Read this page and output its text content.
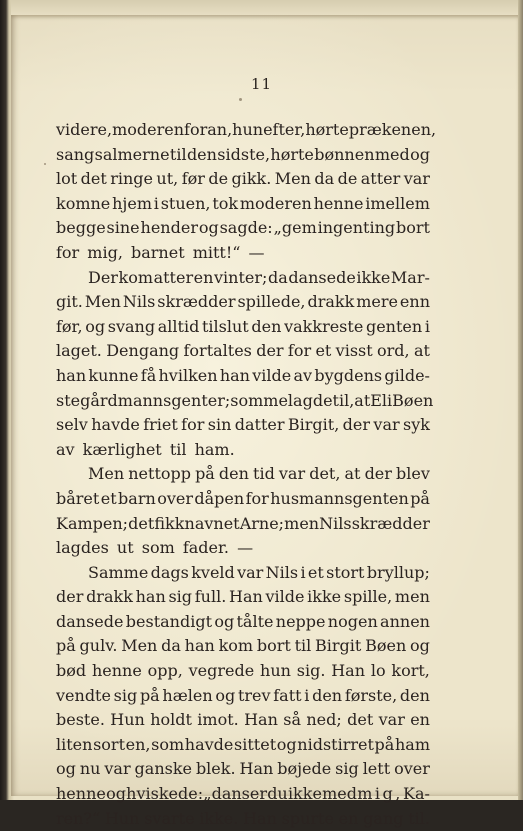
11
videre, moderen foran, hun efter, hørte prækenen,
sang salmerne til den sidste, hørte bønnen med og
lot det ringe ut, før de gikk. Men da de atter var
komne hjem i stuen, tok moderen henne imellem
begge sine hender og sagde: „gem ingenting bort
for mig, barnet mitt!“ —
Der kom atter en vinter; da dansede ikke Mar-
git. Men Nils skrædder spillede, drakk mere enn
før, og svang alltid tilslut den vakkreste genten i
laget. Dengang fortaltes der for et visst ord, at
han kunne få hvilken han vilde av bygdens gilde-
ste gårdmannsgenter; somme lagde til, at Eli Bøen
selv havde friet for sin datter Birgit, der var syk
av kærlighet til ham.
Men nettopp på den tid var det, at der blev
båret et barn over dåpen for husmannsgenten på
Kampen; det fikk navnet Arne; men Nils skrædder
lagdes ut som fader. —
Samme dags kveld var Nils i et stort bryllup;
der drakk han sig full. Han vilde ikke spille, men
dansede bestandigt og tålte neppe nogen annen
på gulv. Men da han kom bort til Birgit Bøen og
bød henne opp, vegrede hun sig. Han lo kort,
vendte sig på hælen og trev fatt i den første, den
beste. Hun holdt imot. Han så ned; det var en
liten sort en, som havde sittet og nidstirret på ham
og nu var ganske blek. Han bøjede sig lett over
henne og hviskede: „danser du ikke med mig, Ka-
ren?“ Hun svarte ikke. Han spurte en gang til.
